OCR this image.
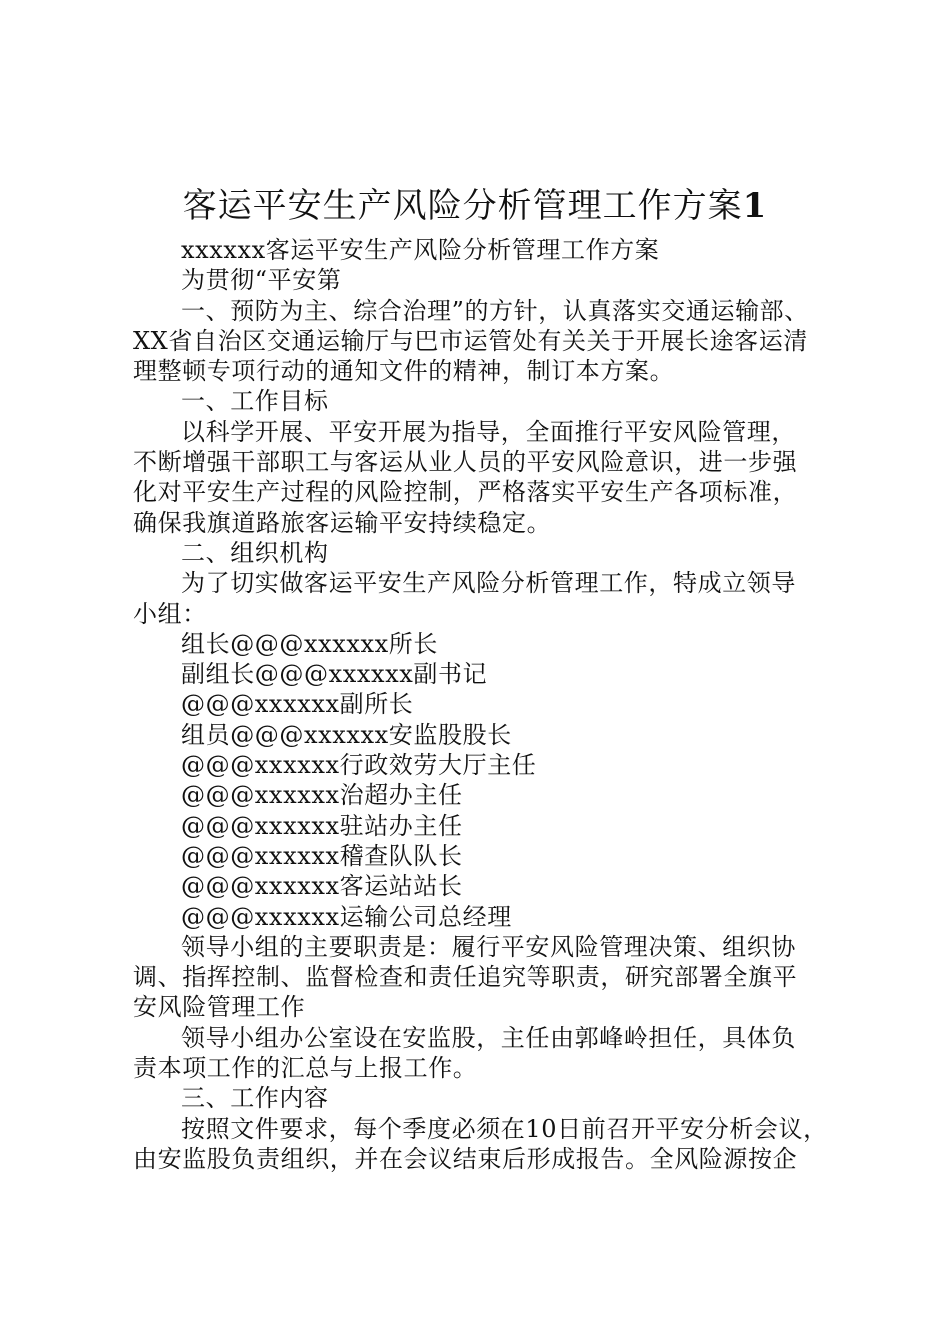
客运平安生产风险分析管理工作方案1

xxxxxx客运平安生产风险分析管理工作方案

为贯彻“平安第

一、预防为主、综合治理”的方针，认真落实交通运输部、

XX省自治区交通运输厅与巴市运管处有关关于开展长途客运清

理整顿专项行动的通知文件的精神，制订本方案。

一、工作目标

以科学开展、平安开展为指导，全面推行平安风险管理，

不断增强干部职工与客运从业人员的平安风险意识，进一步强

化对平安生产过程的风险控制，严格落实平安生产各项标准，

确保我旗道路旅客运输平安持续稳定。

二、组织机构

为了切实做客运平安生产风险分析管理工作，特成立领导

小组：

组长@@@xxxxxx所长

副组长@@@xxxxxx副书记

@@@xxxxxx副所长

组员@@@xxxxxx安监股股长

@@@xxxxxx行政效劳大厅主任

@@@xxxxxx治超办主任

@@@xxxxxx驻站办主任

@@@xxxxxx稽查队队长

@@@xxxxxx客运站站长

@@@xxxxxx运输公司总经理

领导小组的主要职责是：履行平安风险管理决策、组织协

调、指挥控制、监督检查和责任追究等职责，研究部署全旗平

安风险管理工作

领导小组办公室设在安监股，主任由郭峰岭担任，具体负

责本项工作的汇总与上报工作。

三、工作内容

按照文件要求，每个季度必须在10日前召开平安分析会议，

由安监股负责组织，并在会议结束后形成报告。全风险源按企
